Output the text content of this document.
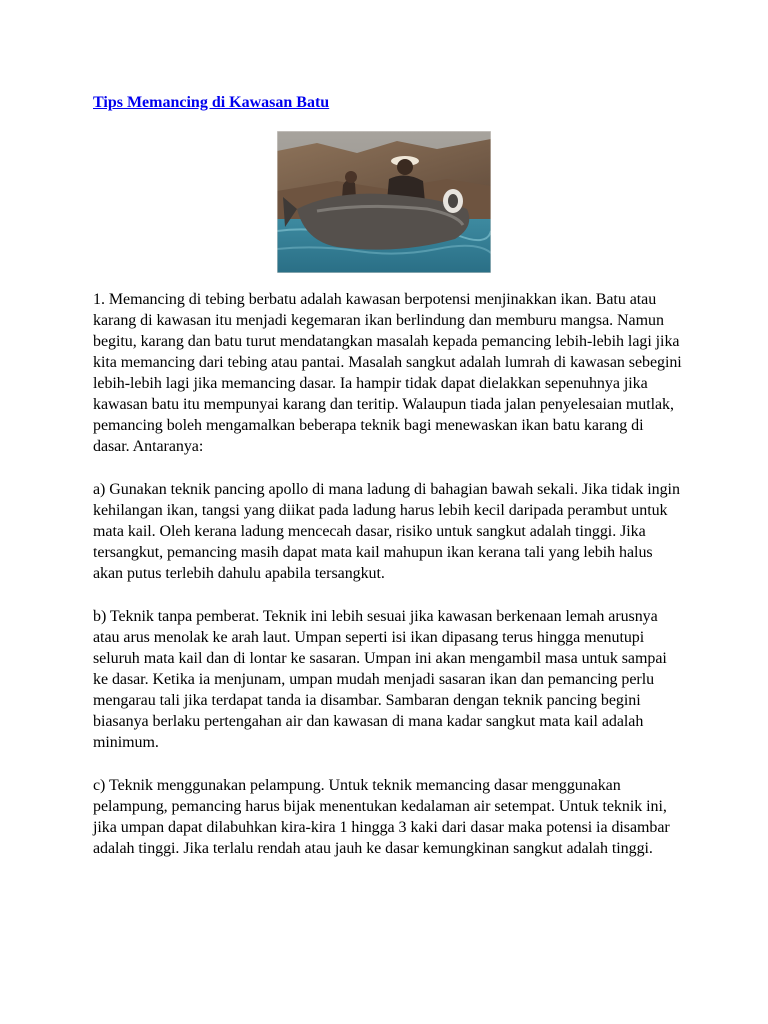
Tips Memancing di Kawasan Batu

1. Memancing di tebing berbatu adalah kawasan berpotensi menjinakkan ikan. Batu atau karang di kawasan itu menjadi kegemaran ikan berlindung dan memburu mangsa. Namun begitu, karang dan batu turut mendatangkan masalah kepada pemancing lebih-lebih lagi jika kita memancing dari tebing atau pantai. Masalah sangkut adalah lumrah di kawasan sebegini lebih-lebih lagi jika memancing dasar. Ia hampir tidak dapat dielakkan sepenuhnya jika kawasan batu itu mempunyai karang dan teritip. Walaupun tiada jalan penyelesaian mutlak, pemancing boleh mengamalkan beberapa teknik bagi menewaskan ikan batu karang di dasar. Antaranya:

a) Gunakan teknik pancing apollo di mana ladung di bahagian bawah sekali. Jika tidak ingin kehilangan ikan, tangsi yang diikat pada ladung harus lebih kecil daripada perambut untuk mata kail. Oleh kerana ladung mencecah dasar, risiko untuk sangkut adalah tinggi. Jika tersangkut, pemancing masih dapat mata kail mahupun ikan kerana tali yang lebih halus akan putus terlebih dahulu apabila tersangkut.

b) Teknik tanpa pemberat. Teknik ini lebih sesuai jika kawasan berkenaan lemah arusnya atau arus menolak ke arah laut. Umpan seperti isi ikan dipasang terus hingga menutupi seluruh mata kail dan di lontar ke sasaran. Umpan ini akan mengambil masa untuk sampai ke dasar. Ketika ia menjunam, umpan mudah menjadi sasaran ikan dan pemancing perlu mengarau tali jika terdapat tanda ia disambar. Sambaran dengan teknik pancing begini biasanya berlaku pertengahan air dan kawasan di mana kadar sangkut mata kail adalah minimum.

c) Teknik menggunakan pelampung. Untuk teknik memancing dasar menggunakan pelampung, pemancing harus bijak menentukan kedalaman air setempat. Untuk teknik ini, jika umpan dapat dilabuhkan kira-kira 1 hingga 3 kaki dari dasar maka potensi ia disambar adalah tinggi. Jika terlalu rendah atau jauh ke dasar kemungkinan sangkut adalah tinggi.
